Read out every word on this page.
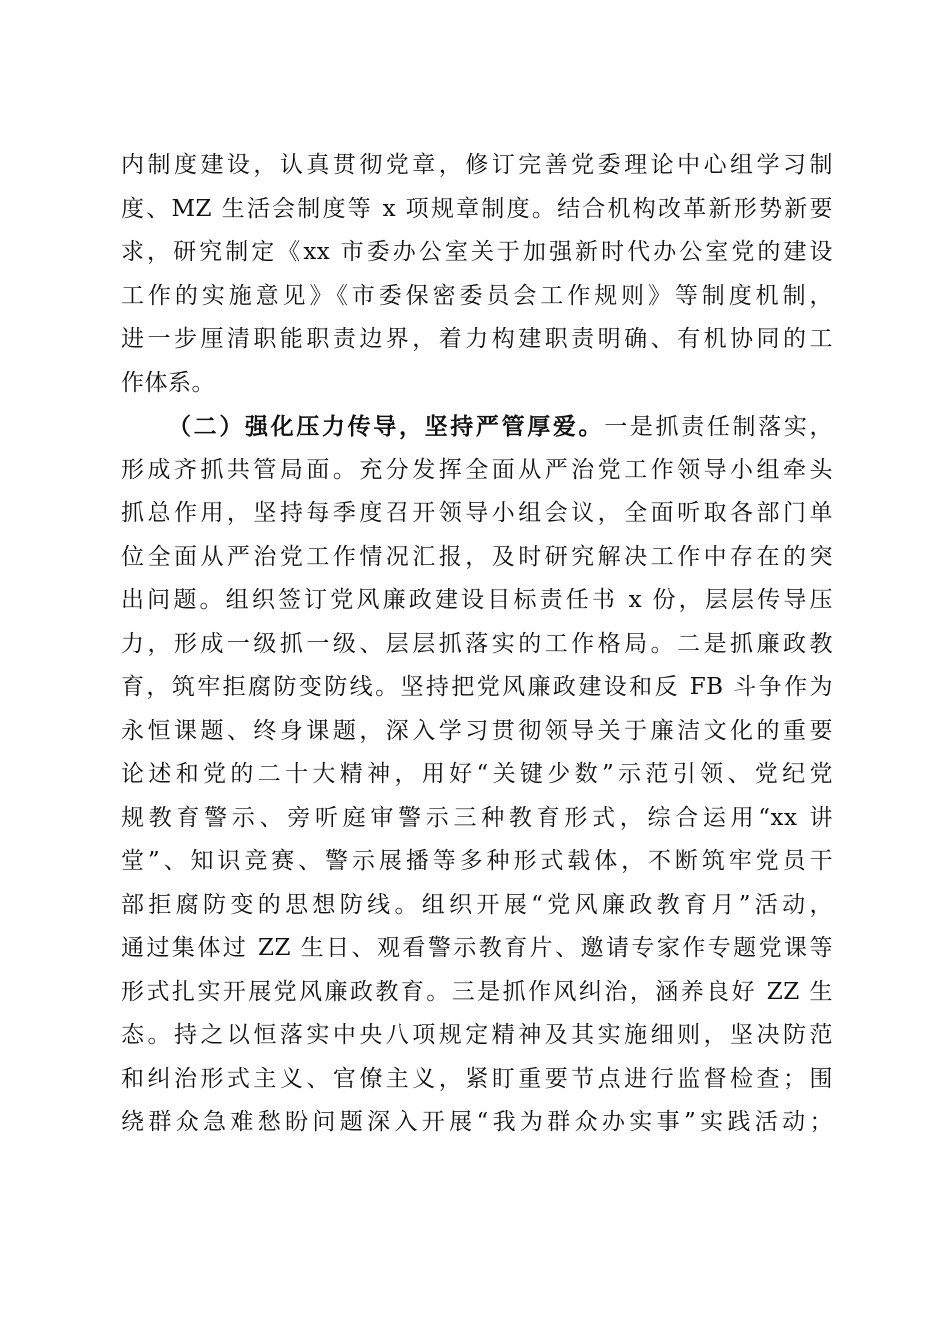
内制度建设，认真贯彻党章，修订完善党委理论中心组学习制
度、MZ 生活会制度等 x 项规章制度。结合机构改革新形势新要
求，研究制定《xx 市委办公室关于加强新时代办公室党的建设
工作的实施意见》《市委保密委员会工作规则》等制度机制，
进一步厘清职能职责边界，着力构建职责明确、有机协同的工
作体系。
（二）强化压力传导，坚持严管厚爱。一是抓责任制落实，
形成齐抓共管局面。充分发挥全面从严治党工作领导小组牵头
抓总作用，坚持每季度召开领导小组会议，全面听取各部门单
位全面从严治党工作情况汇报，及时研究解决工作中存在的突
出问题。组织签订党风廉政建设目标责任书 x 份，层层传导压
力，形成一级抓一级、层层抓落实的工作格局。二是抓廉政教
育，筑牢拒腐防变防线。坚持把党风廉政建设和反 FB 斗争作为
永恒课题、终身课题，深入学习贯彻领导关于廉洁文化的重要
论述和党的二十大精神，用好“关键少数”示范引领、党纪党
规教育警示、旁听庭审警示三种教育形式，综合运用“xx 讲
堂”、知识竞赛、警示展播等多种形式载体，不断筑牢党员干
部拒腐防变的思想防线。组织开展“党风廉政教育月”活动，
通过集体过 ZZ 生日、观看警示教育片、邀请专家作专题党课等
形式扎实开展党风廉政教育。三是抓作风纠治，涵养良好 ZZ 生
态。持之以恒落实中央八项规定精神及其实施细则，坚决防范
和纠治形式主义、官僚主义，紧盯重要节点进行监督检查；围
绕群众急难愁盼问题深入开展“我为群众办实事”实践活动；
